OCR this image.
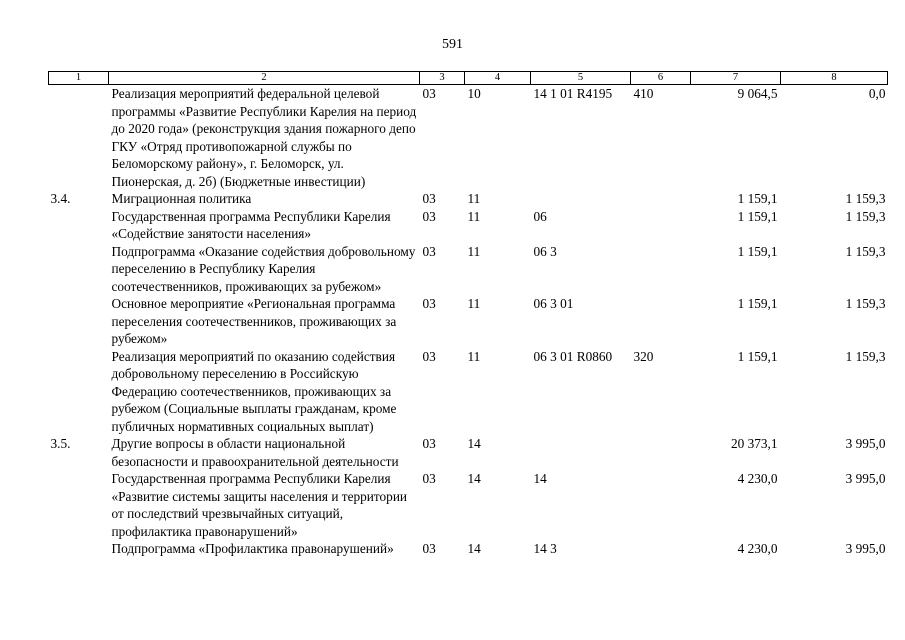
591
1	2	3	4	5	6	7	8
	Реализация мероприятий федеральной целевой программы «Развитие Республики Карелия на период до 2020 года» (реконструкция здания пожарного депо ГКУ «Отряд противопожарной службы по Беломорскому району», г. Беломорск, ул. Пионерская, д. 2б) (Бюджетные инвестиции)	03	10	14 1 01 R4195	410	9 064,5	0,0
3.4.	Миграционная политика	03	11			1 159,1	1 159,3
	Государственная программа Республики Карелия «Содействие занятости населения»	03	11	06		1 159,1	1 159,3
	Подпрограмма «Оказание содействия добровольному переселению в Республику Карелия соотечественников, проживающих за рубежом»	03	11	06 3		1 159,1	1 159,3
	Основное мероприятие «Региональная программа переселения соотечественников, проживающих за рубежом»	03	11	06 3 01		1 159,1	1 159,3
	Реализация мероприятий по оказанию содействия добровольному переселению в Российскую Федерацию соотечественников, проживающих за рубежом (Социальные выплаты гражданам, кроме публичных нормативных социальных выплат)	03	11	06 3 01 R0860	320	1 159,1	1 159,3
3.5.	Другие вопросы в области национальной безопасности и правоохранительной деятельности	03	14			20 373,1	3 995,0
	Государственная программа Республики Карелия «Развитие системы защиты населения и территории от последствий чрезвычайных ситуаций, профилактика правонарушений»	03	14	14		4 230,0	3 995,0
	Подпрограмма «Профилактика правонарушений»	03	14	14 3		4 230,0	3 995,0
